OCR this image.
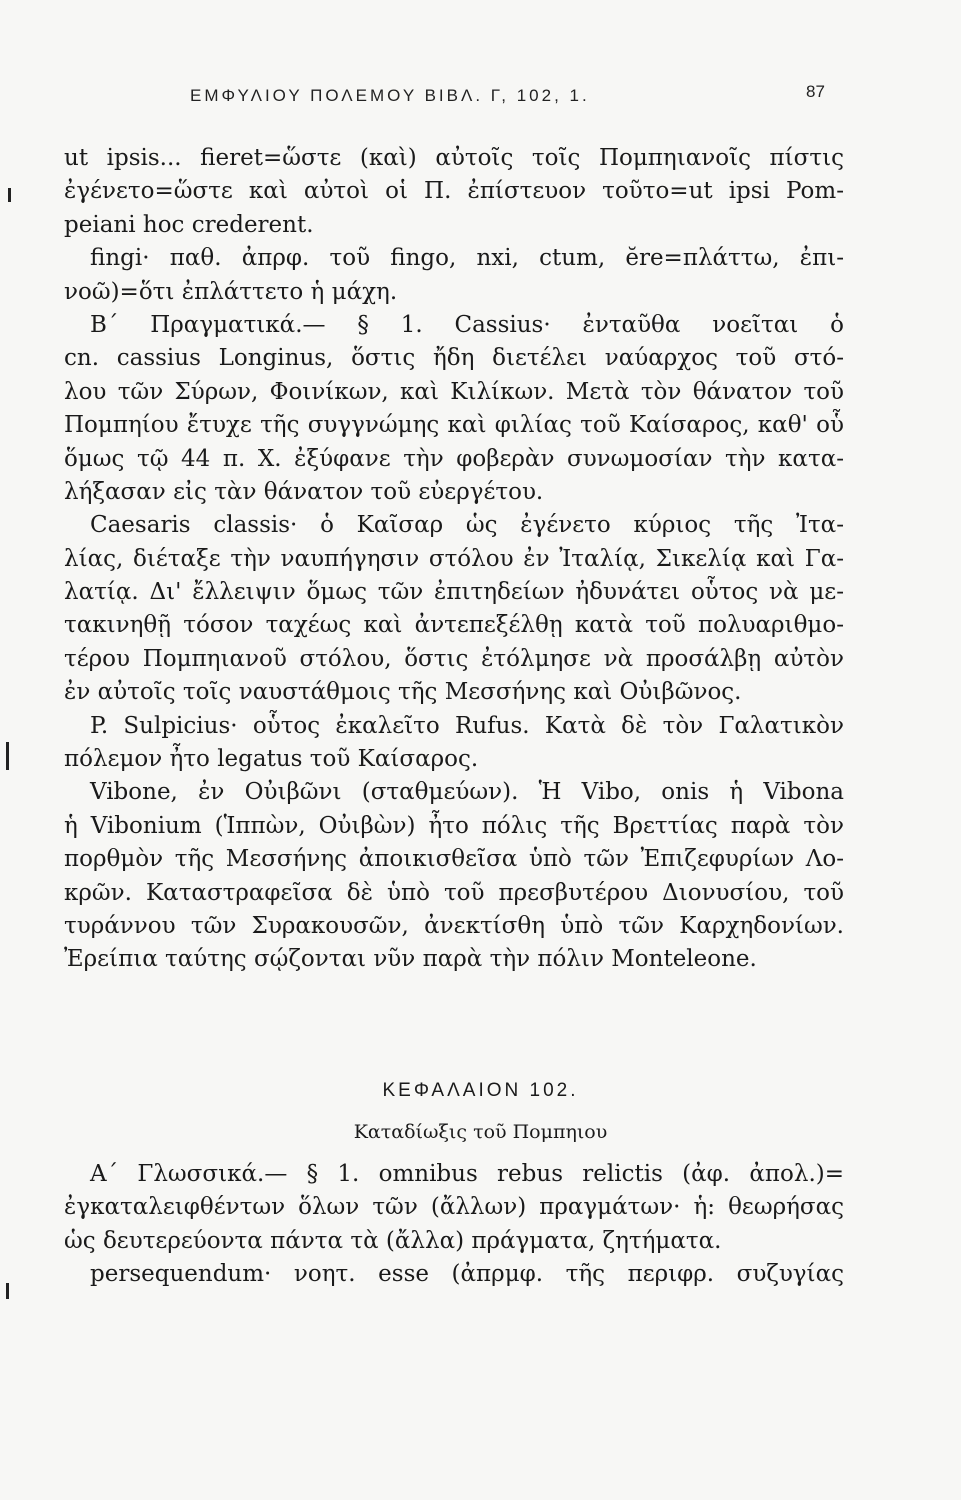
ΕΜΦΥΛΙΟΥ ΠΟΛΕΜΟΥ ΒΙΒΛ. Γ, 102, 1.	87
ut ipsis... fieret=ὥστε (καὶ) αὐτοῖς τοῖς Πομπηιανοῖς πίστις
ἐγένετο=ὥστε καὶ αὐτοὶ οἱ Π. ἐπίστευον τοῦτο=ut ipsi Pom-
peiani hoc crederent.
fingi· παθ. ἀπρφ. τοῦ fingo, nxi, ctum, ĕre=πλάττω, ἐπι-
νοῶ)=ὅτι ἐπλάττετο ἡ μάχη.
Β΄ Πραγματικά.— § 1. Cassius· ἐνταῦθα νοεῖται ὁ
cn. cassius Longinus, ὅστις ἤδη διετέλει ναύαρχος τοῦ στό-
λου τῶν Σύρων, Φοινίκων, καὶ Κιλίκων. Μετὰ τὸν θάνατον τοῦ
Πομπηίου ἔτυχε τῆς συγγνώμης καὶ φιλίας τοῦ Καίσαρος, καθ' οὗ
ὅμως τῷ 44 π. Χ. ἐξύφανε τὴν φοβερὰν συνωμοσίαν τὴν κατα-
λήξασαν εἰς τὰν θάνατον τοῦ εὐεργέτου.
Caesaris classis· ὁ Καῖσαρ ὡς ἐγένετο κύριος τῆς Ἰτα-
λίας, διέταξε τὴν ναυπήγησιν στόλου ἐν Ἰταλίᾳ, Σικελίᾳ καὶ Γα-
λατίᾳ. Δι' ἔλλειψιν ὅμως τῶν ἐπιτηδείων ἠδυνάτει οὗτος νὰ με-
τακινηθῇ τόσον ταχέως καὶ ἀντεπεξέλθῃ κατὰ τοῦ πολυαριθμο-
τέρου Πομπηιανοῦ στόλου, ὅστις ἐτόλμησε νὰ προσάλβῃ αὐτὸν
ἐν αὐτοῖς τοῖς ναυστάθμοις τῆς Μεσσήνης καὶ Οὐιβῶνος.
P. Sulpicius· οὗτος ἐκαλεῖτο Rufus. Κατὰ δὲ τὸν Γαλατικὸν
πόλεμον ἦτο legatus τοῦ Καίσαρος.
Vibone, ἐν Οὐιβῶνι (σταθμεύων). Ἡ Vibo, onis ἡ Vibona
ἡ Vibonium (Ἱππὼν, Οὐιβὼν) ἦτο πόλις τῆς Βρεττίας παρὰ τὸν
πορθμὸν τῆς Μεσσήνης ἀποικισθεῖσα ὑπὸ τῶν Ἐπιζεφυρίων Λο-
κρῶν. Καταστραφεῖσα δὲ ὑπὸ τοῦ πρεσβυτέρου Διονυσίου, τοῦ
τυράννου τῶν Συρακουσῶν, ἀνεκτίσθη ὑπὸ τῶν Καρχηδονίων.
Ἐρείπια ταύτης σῴζονται νῦν παρὰ τὴν πόλιν Monteleone.
ΚΕΦΑΛΑΙΟΝ 102.
Καταδίωξις τοῦ Πομπηιου
Α΄ Γλωσσικά.— § 1. omnibus rebus relictis (ἀφ. ἀπολ.)=
ἐγκαταλειφθέντων ὅλων τῶν (ἄλλων) πραγμάτων· ἡ: θεωρήσας
ὡς δευτερεύοντα πάντα τὰ (ἄλλα) πράγματα, ζητήματα.
persequendum· νοητ. esse (ἀπρμφ. τῆς περιφρ. συζυγίας
